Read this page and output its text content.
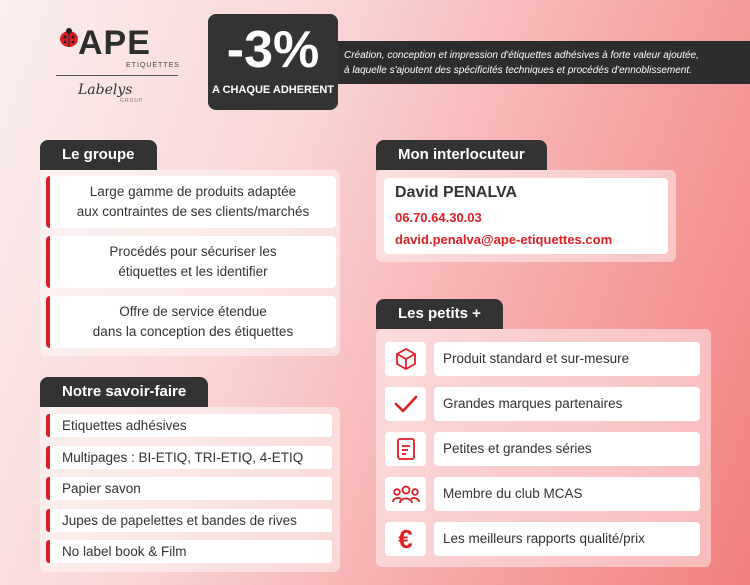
APE
ETIQUETTES
Labelys
GROUP
Création, conception et impression d'étiquettes adhésives à forte valeur ajoutée,
à laquelle s'ajoutent des spécificités techniques et procédés d'ennoblissement.
-3%
A CHAQUE ADHERENT
Le groupe
Large gamme de produits adaptée
aux contraintes de ses clients/marchés
Procédés pour sécuriser les
étiquettes et les identifier
Offre de service étendue
dans la conception des étiquettes
Notre savoir-faire
Etiquettes adhésives
Multipages : BI-ETIQ, TRI-ETIQ, 4-ETIQ
Papier savon
Jupes de papelettes et bandes de rives
No label book & Film
Mon interlocuteur
David PENALVA
06.70.64.30.03
david.penalva@ape-etiquettes.com
Les petits +
Produit standard et sur-mesure
Grandes marques partenaires
Petites et grandes séries
Membre du club MCAS
€	Les meilleurs rapports qualité/prix
